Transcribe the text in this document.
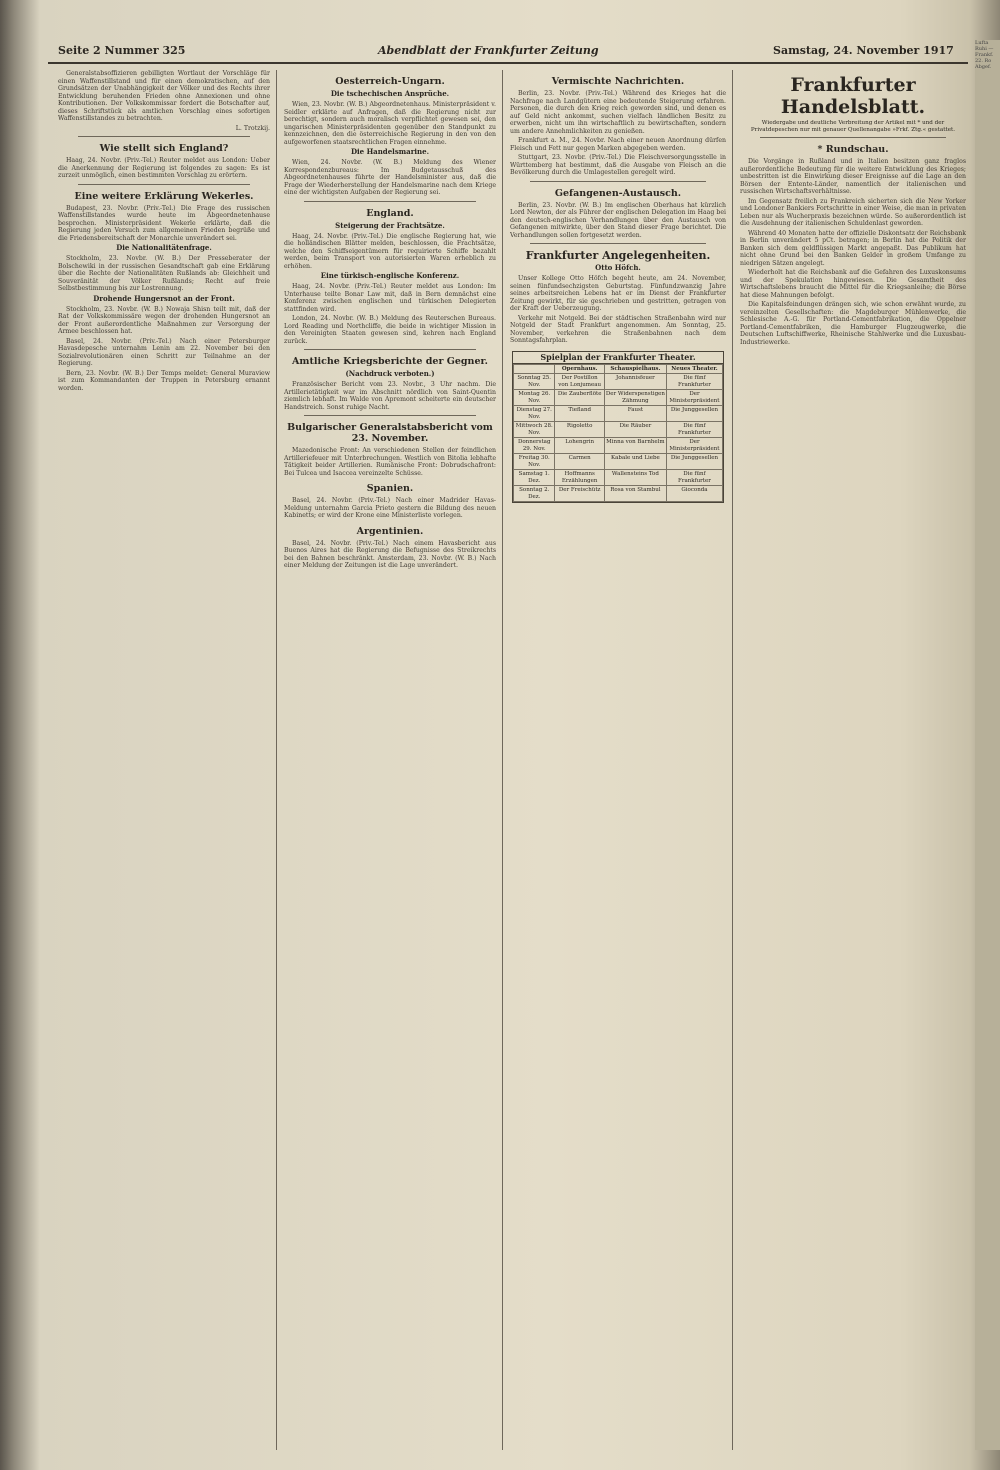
Seite 2 Nummer 325	Abendblatt der Frankfurter Zeitung	Samstag, 24. November 1917

Generalstabsoffizieren gebilligten Wortlaut der Vorschläge für einen Waffenstillstand und für einen demokratischen, auf den Grundsätzen der Unabhängigkeit der Völker und des Rechts ihrer Entwicklung beruhenden Frieden ohne Annexionen und ohne Kontributionen. Der Volkskommissar fordert die Botschafter auf, dieses Schriftstück als amtlichen Vorschlag eines sofortigen Waffenstillstandes zu betrachten.

L. Trotzkij.

Wie stellt sich England?

Haag, 24. Novbr. (Priv.-Tel.) Reuter meldet aus London: Ueber die Anerkennung der Regierung ist folgendes zu sagen: Es ist zurzeit unmöglich, einen bestimmten Vorschlag zu erörtern.

Eine weitere Erklärung Wekerles.

Budapest, 23. Novbr. (Priv.-Tel.) Die Frage des russischen Waffenstillstandes wurde heute im Abgeordnetenhause besprochen. Ministerpräsident Wekerle erklärte, daß die Regierung jeden Versuch zum allgemeinen Frieden begrüße und die Friedensbereitschaft der Monarchie unverändert sei.

Die Nationalitätenfrage.

Stockholm, 23. Novbr. (W. B.) Der Presseberater der Bolschewiki in der russischen Gesandtschaft gab eine Erklärung über die Rechte der Nationalitäten Rußlands ab: Gleichheit und Souveränität der Völker Rußlands; Recht auf freie Selbstbestimmung bis zur Lostrennung.

Drohende Hungersnot an der Front.

Stockholm, 23. Novbr. (W. B.) Nowaja Shisn teilt mit, daß der Rat der Volkskommissäre wegen der drohenden Hungersnot an der Front außerordentliche Maßnahmen zur Versorgung der Armee beschlossen hat.

Basel, 24. Novbr. (Priv.-Tel.) Nach einer Petersburger Havasdepesche unternahm Lenin am 22. November bei den Sozialrevolutionären einen Schritt zur Teilnahme an der Regierung.

Bern, 23. Novbr. (W. B.) Der Temps meldet: General Muraview ist zum Kommandanten der Truppen in Petersburg ernannt worden.

Oesterreich-Ungarn.
Die tschechischen Ansprüche.

Wien, 23. Novbr. (W. B.) Abgeordnetenhaus. Ministerpräsident v. Seidler erklärte auf Anfragen, daß die Regierung nicht zur berechtigt, sondern auch moralisch verpflichtet gewesen sei, den ungarischen Ministerpräsidenten gegenüber den Standpunkt zu kennzeichnen, den die österreichische Regierung in den von den aufgeworfenen staatsrechtlichen Fragen einnehme.

Die Handelsmarine.

Wien, 24. Novbr. (W. B.) Meldung des Wiener Korrespondenzbureaus: Im Budgetausschuß des Abgeordnetenhauses führte der Handelsminister aus, daß die Frage der Wiederherstellung der Handelsmarine nach dem Kriege eine der wichtigsten Aufgaben der Regierung sei.

England.
Steigerung der Frachtsätze.

Haag, 24. Novbr. (Priv.-Tel.) Die englische Regierung hat, wie die holländischen Blätter melden, beschlossen, die Frachtsätze, welche den Schiffseigentümern für requirierte Schiffe bezahlt werden, beim Transport von autorisierten Waren erheblich zu erhöhen.

Eine türkisch-englische Konferenz.

Haag, 24. Novbr. (Priv.-Tel.) Reuter meldet aus London: Im Unterhause teilte Bonar Law mit, daß in Bern demnächst eine Konferenz zwischen englischen und türkischen Delegierten stattfinden wird.

London, 24. Novbr. (W. B.) Meldung des Reuterschen Bureaus. Lord Reading und Northcliffe, die beide in wichtiger Mission in den Vereinigten Staaten gewesen sind, kehren nach England zurück.

Amtliche Kriegsberichte der Gegner.
(Nachdruck verboten.)

Französischer Bericht vom 23. Novbr., 3 Uhr nachm. Die Artillerietätigkeit war im Abschnitt nördlich von Saint-Quentin ziemlich lebhaft. Im Walde von Apremont scheiterte ein deutscher Handstreich. Sonst ruhige Nacht.

Bulgarischer Generalstabsbericht vom 23. November.

Mazedonische Front: An verschiedenen Stellen der feindlichen Artilleriefeuer mit Unterbrechungen. Westlich von Bitolia lebhafte Tätigkeit beider Artillerien. Rumänische Front: Dobrudschafront: Bei Tulcea und Isaccea vereinzelte Schüsse.

Spanien.

Basel, 24. Novbr. (Priv.-Tel.) Nach einer Madrider Havas-Meldung unternahm Garcia Prieto gestern die Bildung des neuen Kabinetts; er wird der Krone eine Ministerliste vorlegen.

Argentinien.

Basel, 24. Novbr. (Priv.-Tel.) Nach einem Havasbericht aus Buenos Aires hat die Regierung die Befugnisse des Streikrechts bei den Bahnen beschränkt. Amsterdam, 23. Novbr. (W. B.) Nach einer Meldung der Zeitungen ist die Lage unverändert.

Vermischte Nachrichten.

Berlin, 23. Novbr. (Priv.-Tel.) Während des Krieges hat die Nachfrage nach Landgütern eine bedeutende Steigerung erfahren. Personen, die durch den Krieg reich geworden sind, und denen es auf Geld nicht ankommt, suchen vielfach ländlichen Besitz zu erwerben, nicht um ihn wirtschaftlich zu bewirtschaften, sondern um andere Annehmlichkeiten zu genießen.

Frankfurt a. M., 24. Novbr. Nach einer neuen Anordnung dürfen Fleisch und Fett nur gegen Marken abgegeben werden.

Stuttgart, 23. Novbr. (Priv.-Tel.) Die Fleischversorgungsstelle in Württemberg hat bestimmt, daß die Ausgabe von Fleisch an die Bevölkerung durch die Umlagestellen geregelt wird.

Gefangenen-Austausch.

Berlin, 23. Novbr. (W. B.) Im englischen Oberhaus hat kürzlich Lord Newton, der als Führer der englischen Delegation im Haag bei den deutsch-englischen Verhandlungen über den Austausch von Gefangenen mitwirkte, über den Stand dieser Frage berichtet. Die Verhandlungen sollen fortgesetzt werden.

Frankfurter Angelegenheiten.
Otto Höfch.

Unser Kollege Otto Höfch begeht heute, am 24. November, seinen fünfundsechzigsten Geburtstag. Fünfundzwanzig Jahre seines arbeitsreichen Lebens hat er im Dienst der Frankfurter Zeitung gewirkt, für sie geschrieben und gestritten, getragen von der Kraft der Ueberzeugung.

Verkehr mit Notgeld. Bei der städtischen Straßenbahn wird nur Notgeld der Stadt Frankfurt angenommen. Am Sonntag, 25. November, verkehren die Straßenbahnen nach dem Sonntagsfahrplan.

Spielplan der Frankfurter Theater.
	Opernhaus.	Schauspielhaus.	Neues Theater.
Sonntag 25. Nov.	Der Postillon von Lonjumeau	Johannisfeuer	Die fünf Frankfurter
Montag 26. Nov.	Die Zauberflöte	Der Widerspenstigen Zähmung	Der Ministerpräsident
Dienstag 27. Nov.	Tiefland	Faust	Die Junggesellen
Mittwoch 28. Nov.	Rigoletto	Die Räuber	Die fünf Frankfurter
Donnerstag 29. Nov.	Lohengrin	Minna von Barnhelm	Der Ministerpräsident
Freitag 30. Nov.	Carmen	Kabale und Liebe	Die Junggesellen
Samstag 1. Dez.	Hoffmanns Erzählungen	Wallensteins Tod	Die fünf Frankfurter
Sonntag 2. Dez.	Der Freischütz	Rosa von Stambul	Gioconda
Frankfurter Handelsblatt.
Wiedergabe und deutliche Verbreitung der Artikel mit * und der Privatdepeschen nur mit genauer Quellenangabe »Frkf. Ztg.« gestattet.
* Rundschau.

Die Vorgänge in Rußland und in Italien besitzen ganz fraglos außerordentliche Bedeutung für die weitere Entwicklung des Krieges; unbestritten ist die Einwirkung dieser Ereignisse auf die Lage an den Börsen der Entente-Länder, namentlich der italienischen und russischen Wirtschaftsverhältnisse.

Im Gegensatz freilich zu Frankreich sicherten sich die New Yorker und Londoner Bankiers Fortschritte in einer Weise, die man in privaten Leben nur als Wucherpraxis bezeichnen würde. So außerordentlich ist die Ausdehnung der italienischen Schuldenlast geworden.

Während 40 Monaten hatte der offizielle Diskontsatz der Reichsbank in Berlin unverändert 5 pCt. betragen; in Berlin hat die Politik der Banken sich dem geldflüssigen Markt angepaßt. Das Publikum hat nicht ohne Grund bei den Banken Gelder in großem Umfange zu niedrigen Sätzen angelegt.

Wiederholt hat die Reichsbank auf die Gefahren des Luxuskonsums und der Spekulation hingewiesen. Die Gesamtheit des Wirtschaftslebens braucht die Mittel für die Kriegsanleihe; die Börse hat diese Mahnungen befolgt.

Die Kapitalsfeindungen drängen sich, wie schon erwähnt wurde, zu vereinzelten Gesellschaften: die Magdeburger Mühlenwerke, die Schlesische A.-G. für Portland-Cementfabrikation, die Oppelner Portland-Cementfabriken, die Hamburger Flugzeugwerke, die Deutschen Luftschiffwerke, Rheinische Stahlwerke und die Luxusbau-Industriewerke.

Lufta Ruhi — Frankf. 22. Ro Abgef.
